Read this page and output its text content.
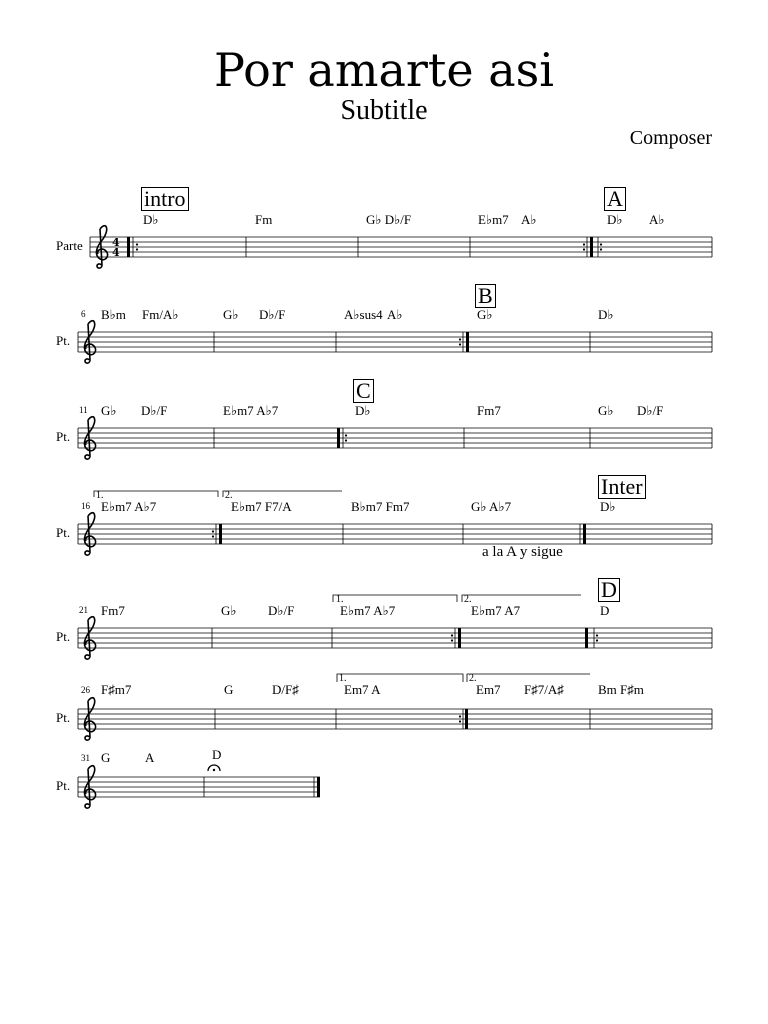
Por amarte asi
Subtitle
Composer
4
4
Parte
intro	A
D♭	Fm	G♭ D♭/F	E♭m7 A♭	D♭ A♭
6
Pt.
B
B♭m Fm/A♭	G♭ D♭/F	A♭sus4 A♭	G♭	D♭
11
Pt.
C
G♭ D♭/F	E♭m7 A♭7	D♭	Fm7	G♭ D♭/F
16
Pt.
1.	2.	Inter
E♭m7 A♭7	E♭m7 F7/A	B♭m7 Fm7	G♭ A♭7	D♭
a la A y sigue
21
Pt.
1.	2.	D
Fm7	G♭ D♭/F	E♭m7 A♭7	E♭m7 A7	D
26
Pt.
1.	2.
F♯m7	G	D/F♯	Em7 A	Em7 F♯7/A♯	Bm F♯m
31
Pt.
G	A	D
